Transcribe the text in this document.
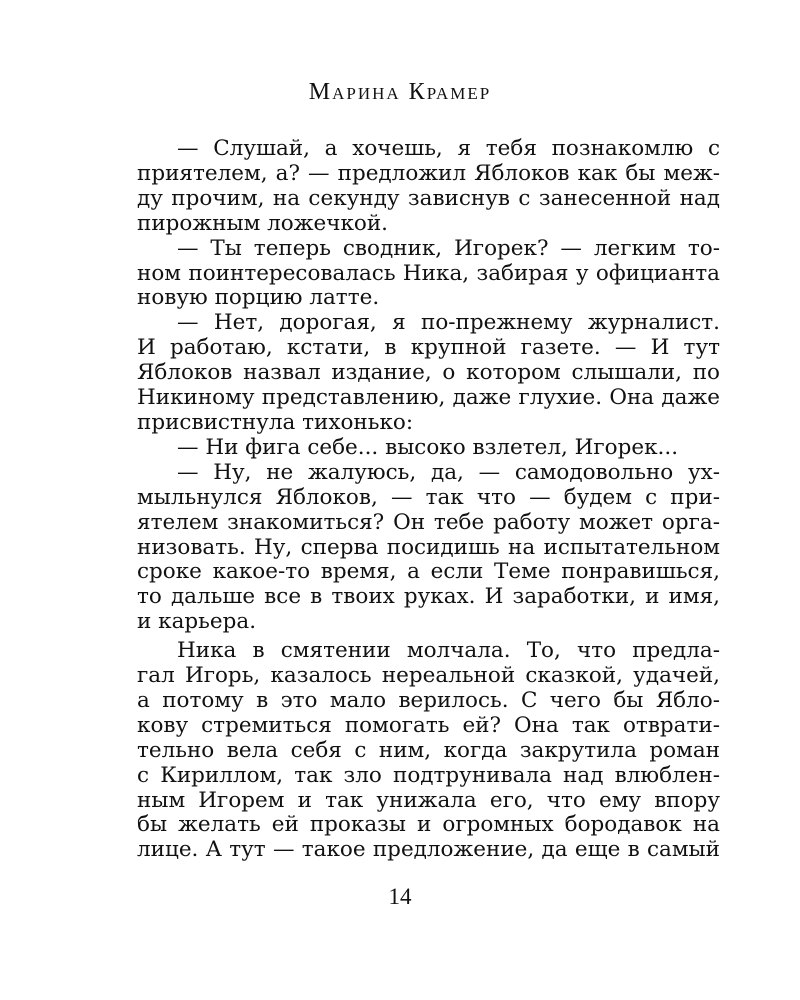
Марина Крамер
— Слушай, а хочешь, я тебя познакомлю с
приятелем, а? — предложил Яблоков как бы меж-
ду прочим, на секунду зависнув с занесенной над
пирожным ложечкой.
— Ты теперь сводник, Игорек? — легким то-
ном поинтересовалась Ника, забирая у официанта
новую порцию латте.
— Нет, дорогая, я по-прежнему журналист.
И работаю, кстати, в крупной газете. — И тут
Яблоков назвал издание, о котором слышали, по
Никиному представлению, даже глухие. Она даже
присвистнула тихонько:
— Ни фига себе... высоко взлетел, Игорек...
— Ну, не жалуюсь, да, — самодовольно ух-
мыльнулся Яблоков, — так что — будем с при-
ятелем знакомиться? Он тебе работу может орга-
низовать. Ну, сперва посидишь на испытательном
сроке какое-то время, а если Теме понравишься,
то дальше все в твоих руках. И заработки, и имя,
и карьера.
Ника в смятении молчала. То, что предла-
гал Игорь, казалось нереальной сказкой, удачей,
а потому в это мало верилось. С чего бы Ябло-
кову стремиться помогать ей? Она так отврати-
тельно вела себя с ним, когда закрутила роман
с Кириллом, так зло подтрунивала над влюблен-
ным Игорем и так унижала его, что ему впору
бы желать ей проказы и огромных бородавок на
лице. А тут — такое предложение, да еще в самый
14
